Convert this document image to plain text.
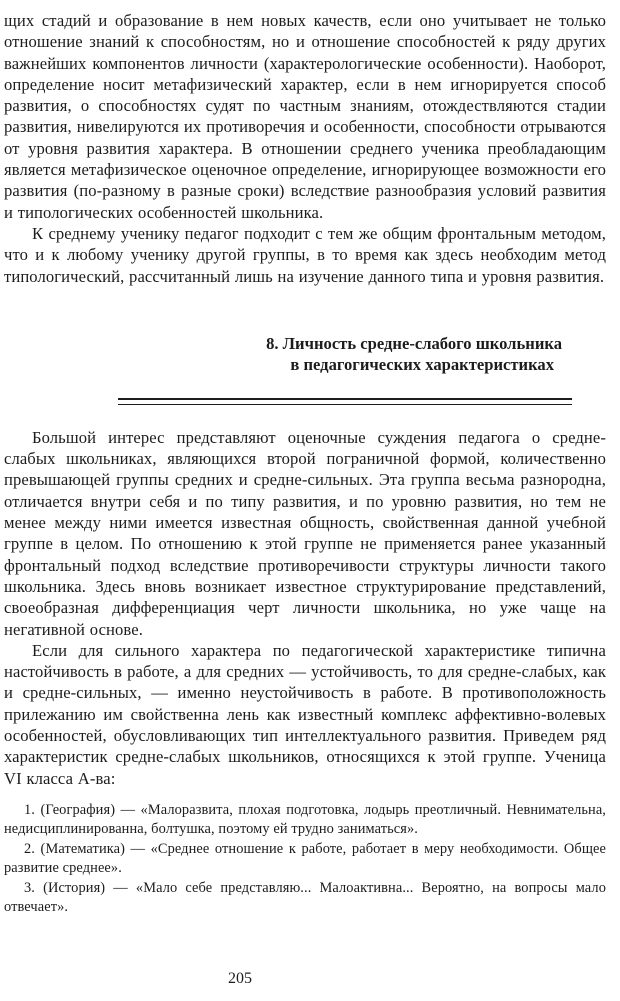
щих стадий и образование в нем новых качеств, если оно учитывает не только отношение знаний к способностям, но и отношение способностей к ряду других важнейших компонентов личности (характерологические особенности). Наоборот, определение носит метафизический характер, если в нем игнорируется способ развития, о способностях судят по частным знаниям, отождествляются стадии развития, нивелируются их противоречия и особенности, способности отрываются от уровня развития характера. В отношении среднего ученика преобладающим является метафизическое оценочное определение, игнорирующее возможности его развития (по-разному в разные сроки) вследствие разнообразия условий развития и типологических особенностей школьника.

К среднему ученику педагог подходит с тем же общим фронтальным методом, что и к любому ученику другой группы, в то время как здесь необходим метод типологический, рассчитанный лишь на изучение данного типа и уровня развития.

8. Личность средне-слабого школьника
в педагогических характеристиках

Большой интерес представляют оценочные суждения педагога о средне-слабых школьниках, являющихся второй пограничной формой, количественно превышающей группы средних и средне-сильных. Эта группа весьма разнородна, отличается внутри себя и по типу развития, и по уровню развития, но тем не менее между ними имеется известная общность, свойственная данной учебной группе в целом. По отношению к этой группе не применяется ранее указанный фронтальный подход вследствие противоречивости структуры личности такого школьника. Здесь вновь возникает известное структурирование представлений, своеобразная дифференциация черт личности школьника, но уже чаще на негативной основе.

Если для сильного характера по педагогической характеристике типична настойчивость в работе, а для средних — устойчивость, то для средне-слабых, как и средне-сильных, — именно неустойчивость в работе. В противоположность прилежанию им свойственна лень как известный комплекс аффективно-волевых особенностей, обусловливающих тип интеллектуального развития. Приведем ряд характеристик средне-слабых школьников, относящихся к этой группе. Ученица VI класса А-ва:

1. (География) — «Малоразвита, плохая подготовка, лодырь преотличный. Невнимательна, недисциплинированна, болтушка, поэтому ей трудно заниматься».

2. (Математика) — «Среднее отношение к работе, работает в меру необходимости. Общее развитие среднее».

3. (История) — «Мало себе представляю... Малоактивна... Вероятно, на вопросы мало отвечает».

205
